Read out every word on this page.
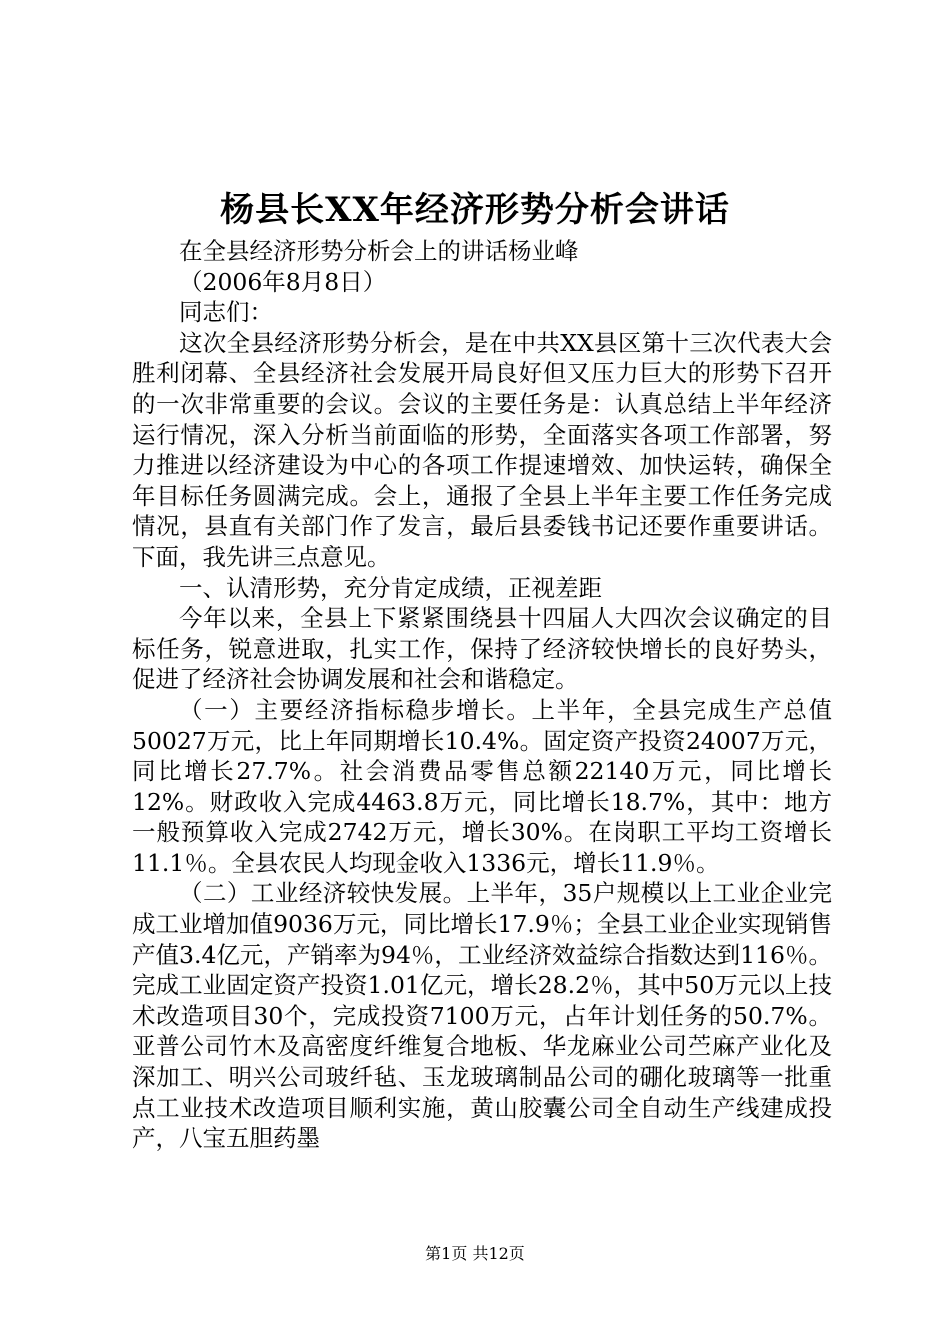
杨县长XX年经济形势分析会讲话

在全县经济形势分析会上的讲话杨业峰

（2006年8月8日）

同志们：

这次全县经济形势分析会，是在中共XX县区第十三次代表大会胜利闭幕、全县经济社会发展开局良好但又压力巨大的形势下召开的一次非常重要的会议。会议的主要任务是：认真总结上半年经济运行情况，深入分析当前面临的形势，全面落实各项工作部署，努力推进以经济建设为中心的各项工作提速增效、加快运转，确保全年目标任务圆满完成。会上，通报了全县上半年主要工作任务完成情况，县直有关部门作了发言，最后县委钱书记还要作重要讲话。下面，我先讲三点意见。

一、认清形势，充分肯定成绩，正视差距

今年以来，全县上下紧紧围绕县十四届人大四次会议确定的目标任务，锐意进取，扎实工作，保持了经济较快增长的良好势头，促进了经济社会协调发展和社会和谐稳定。

（一）主要经济指标稳步增长。上半年，全县完成生产总值50027万元，比上年同期增长10.4%。固定资产投资24007万元，同比增长27.7%。社会消费品零售总额22140万元，同比增长12%。财政收入完成4463.8万元，同比增长18.7%，其中：地方一般预算收入完成2742万元，增长30%。在岗职工平均工资增长11.1％。全县农民人均现金收入1336元，增长11.9％。

（二）工业经济较快发展。上半年，35户规模以上工业企业完成工业增加值9036万元，同比增长17.9％；全县工业企业实现销售产值3.4亿元，产销率为94％，工业经济效益综合指数达到116％。完成工业固定资产投资1.01亿元，增长28.2％，其中50万元以上技术改造项目30个，完成投资7100万元，占年计划任务的50.7%。亚普公司竹木及高密度纤维复合地板、华龙麻业公司苎麻产业化及深加工、明兴公司玻纤毡、玉龙玻璃制品公司的硼化玻璃等一批重点工业技术改造项目顺利实施，黄山胶囊公司全自动生产线建成投产，八宝五胆药墨

第1页 共12页
